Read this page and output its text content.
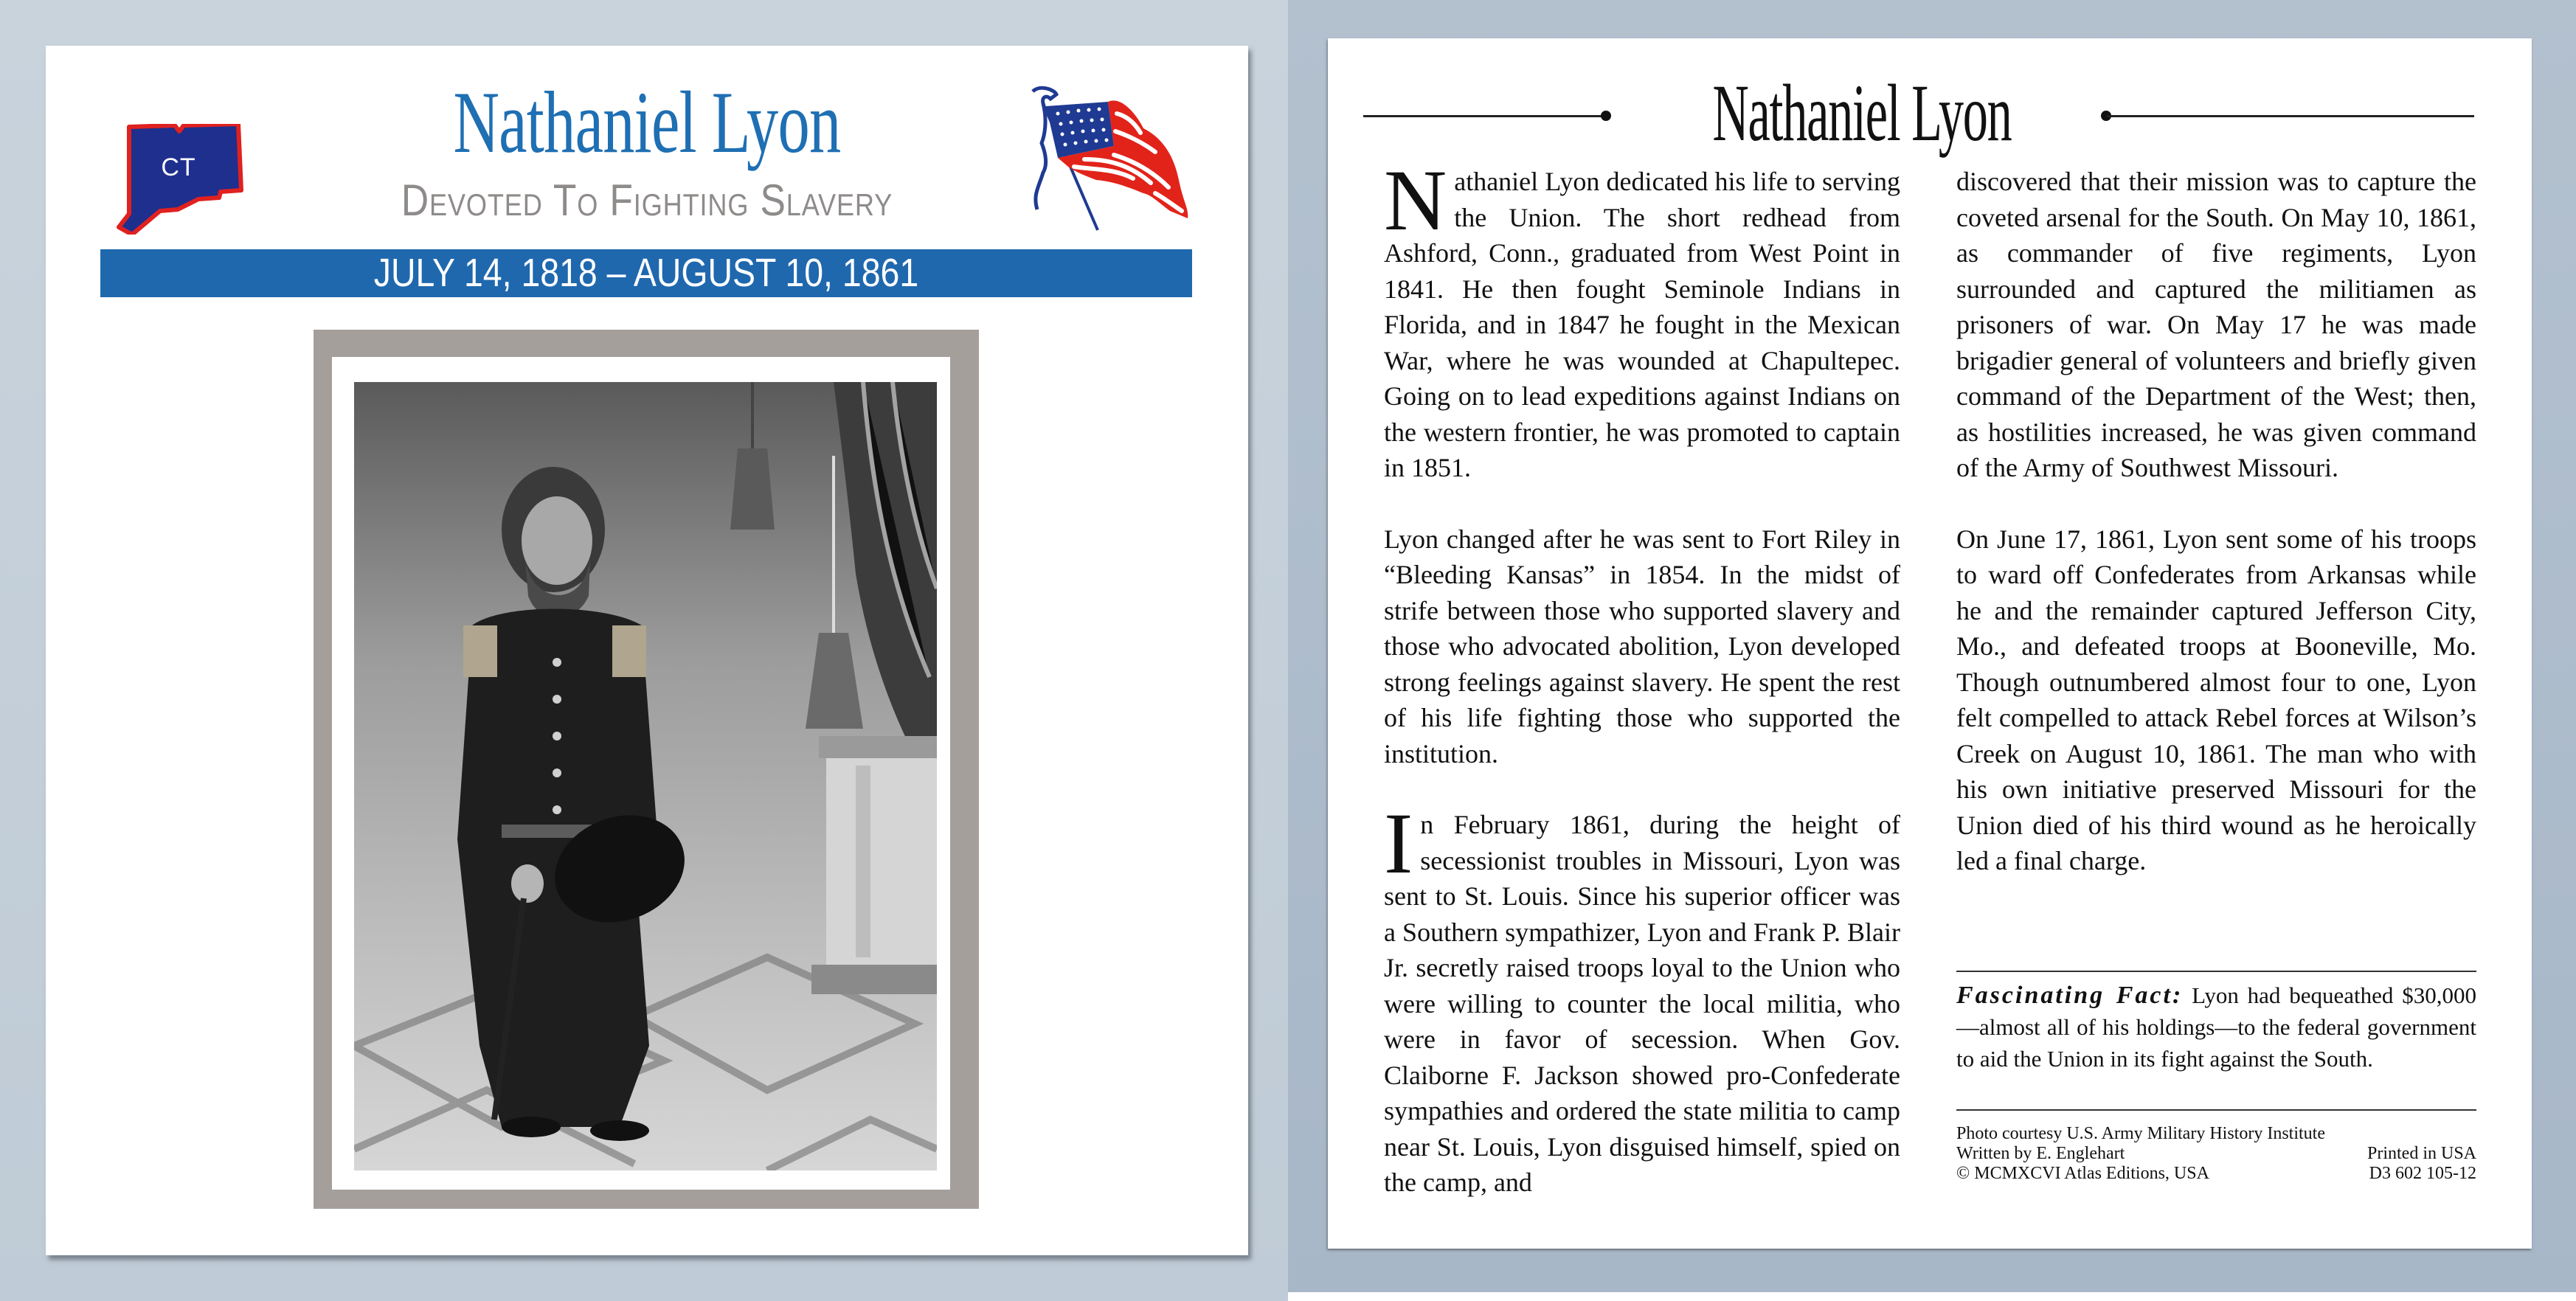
CT	Nathaniel Lyon
Devoted To Fighting Slavery
JULY 14, 1818 – AUGUST 10, 1861
Nathaniel Lyon

Nathaniel Lyon dedicated his life to serving the Union. The short redhead from Ashford, Conn., graduated from West Point in 1841. He then fought Seminole Indians in Florida, and in 1847 he fought in the Mexican War, where he was wounded at Chapultepec. Going on to lead expeditions against Indians on the western frontier, he was promoted to captain in 1851.

Lyon changed after he was sent to Fort Riley in “Bleeding Kansas” in 1854. In the midst of strife between those who supported slavery and those who advocated abolition, Lyon developed strong feelings against slavery. He spent the rest of his life fighting those who supported the institution.

In February 1861, during the height of secessionist troubles in Missouri, Lyon was sent to St. Louis. Since his superior officer was a Southern sympathizer, Lyon and Frank P. Blair Jr. secretly raised troops loyal to the Union who were willing to counter the local militia, who were in favor of secession. When Gov. Claiborne F. Jackson showed pro-Confederate sympathies and ordered the state militia to camp near St. Louis, Lyon disguised himself, spied on the camp, and

discovered that their mission was to capture the coveted arsenal for the South. On May 10, 1861, as commander of five regiments, Lyon surrounded and captured the militiamen as prisoners of war. On May 17 he was made brigadier general of volunteers and briefly given command of the Department of the West; then, as hostilities increased, he was given command of the Army of Southwest Missouri.

On June 17, 1861, Lyon sent some of his troops to ward off Confederates from Arkansas while he and the remainder captured Jefferson City, Mo., and defeated troops at Booneville, Mo. Though outnumbered almost four to one, Lyon felt compelled to attack Rebel forces at Wilson’s Creek on August 10, 1861. The man who with his own initiative preserved Missouri for the Union died of his third wound as he heroically led a final charge.

Fascinating Fact: Lyon had bequeathed $30,000—almost all of his holdings—to the federal government to aid the Union in its fight against the South.
Photo courtesy U.S. Army Military History Institute
Written by E. Englehart	Printed in USA
© MCMXCVI Atlas Editions, USA	D3 602 105-12
